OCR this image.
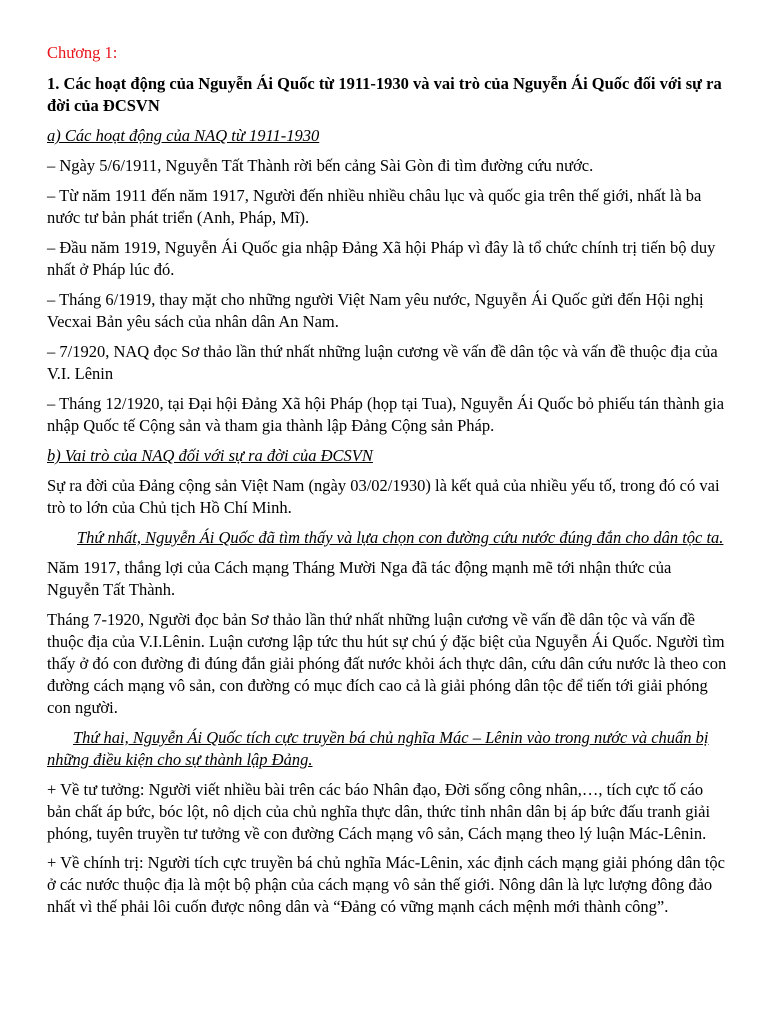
Chương 1:

1. Các hoạt động của Nguyễn Ái Quốc từ 1911-1930 và vai trò của Nguyễn Ái Quốc đối với sự ra đời của ĐCSVN

a) Các hoạt động của NAQ từ 1911-1930

– Ngày 5/6/1911, Nguyễn Tất Thành rời bến cảng Sài Gòn đi tìm đường cứu nước.

– Từ năm 1911 đến năm 1917, Người đến nhiều nhiều châu lục và quốc gia trên thế giới, nhất là ba nước tư bản phát triển (Anh, Pháp, Mĩ).

– Đầu năm 1919, Nguyễn Ái Quốc gia nhập Đảng Xã hội Pháp vì đây là tổ chức chính trị tiến bộ duy nhất ở Pháp lúc đó.

– Tháng 6/1919, thay mặt cho những người Việt Nam yêu nước, Nguyễn Ái Quốc gửi đến Hội nghị Vecxai Bản yêu sách của nhân dân An Nam.

– 7/1920, NAQ đọc Sơ thảo lần thứ nhất những luận cương về vấn đề dân tộc và vấn đề thuộc địa của V.I. Lênin

– Tháng 12/1920, tại Đại hội Đảng Xã hội Pháp (họp tại Tua), Nguyễn Ái Quốc bỏ phiếu tán thành gia nhập Quốc tế Cộng sản và tham gia thành lập Đảng Cộng sản Pháp.

b) Vai trò của NAQ đối với sự ra đời của ĐCSVN

Sự ra đời của Đảng cộng sản Việt Nam (ngày 03/02/1930) là kết quả của nhiều yếu tố, trong đó có vai trò to lớn của Chủ tịch Hồ Chí Minh.

Thứ nhất, Nguyễn Ái Quốc đã tìm thấy và lựa chọn con đường cứu nước đúng đắn cho dân tộc ta.

Năm 1917, thắng lợi của Cách mạng Tháng Mười Nga đã tác động mạnh mẽ tới nhận thức của Nguyễn Tất Thành.

Tháng 7-1920, Người đọc bản Sơ thảo lần thứ nhất những luận cương về vấn đề dân tộc và vấn đề thuộc địa của V.I.Lênin. Luận cương lập tức thu hút sự chú ý đặc biệt của Nguyễn Ái Quốc. Người tìm thấy ở đó con đường đi đúng đắn giải phóng đất nước khỏi ách thực dân, cứu dân cứu nước là theo con đường cách mạng vô sản, con đường có mục đích cao cả là giải phóng dân tộc để tiến tới giải phóng con người.

Thứ hai, Nguyễn Ái Quốc tích cực truyền bá chủ nghĩa Mác – Lênin vào trong nước và chuẩn bị những điều kiện cho sự thành lập Đảng.

+ Về tư tưởng: Người viết nhiều bài trên các báo Nhân đạo, Đời sống công nhân,…, tích cực tố cáo bản chất áp bức, bóc lột, nô dịch của chủ nghĩa thực dân, thức tỉnh nhân dân bị áp bức đấu tranh giải phóng, tuyên truyền tư tưởng về con đường Cách mạng vô sản, Cách mạng theo lý luận Mác-Lênin.

+ Về chính trị: Người tích cực truyền bá chủ nghĩa Mác-Lênin, xác định cách mạng giải phóng dân tộc ở các nước thuộc địa là một bộ phận của cách mạng vô sản thế giới. Nông dân là lực lượng đông đảo nhất vì thế phải lôi cuốn được nông dân và “Đảng có vững mạnh cách mệnh mới thành công”.
